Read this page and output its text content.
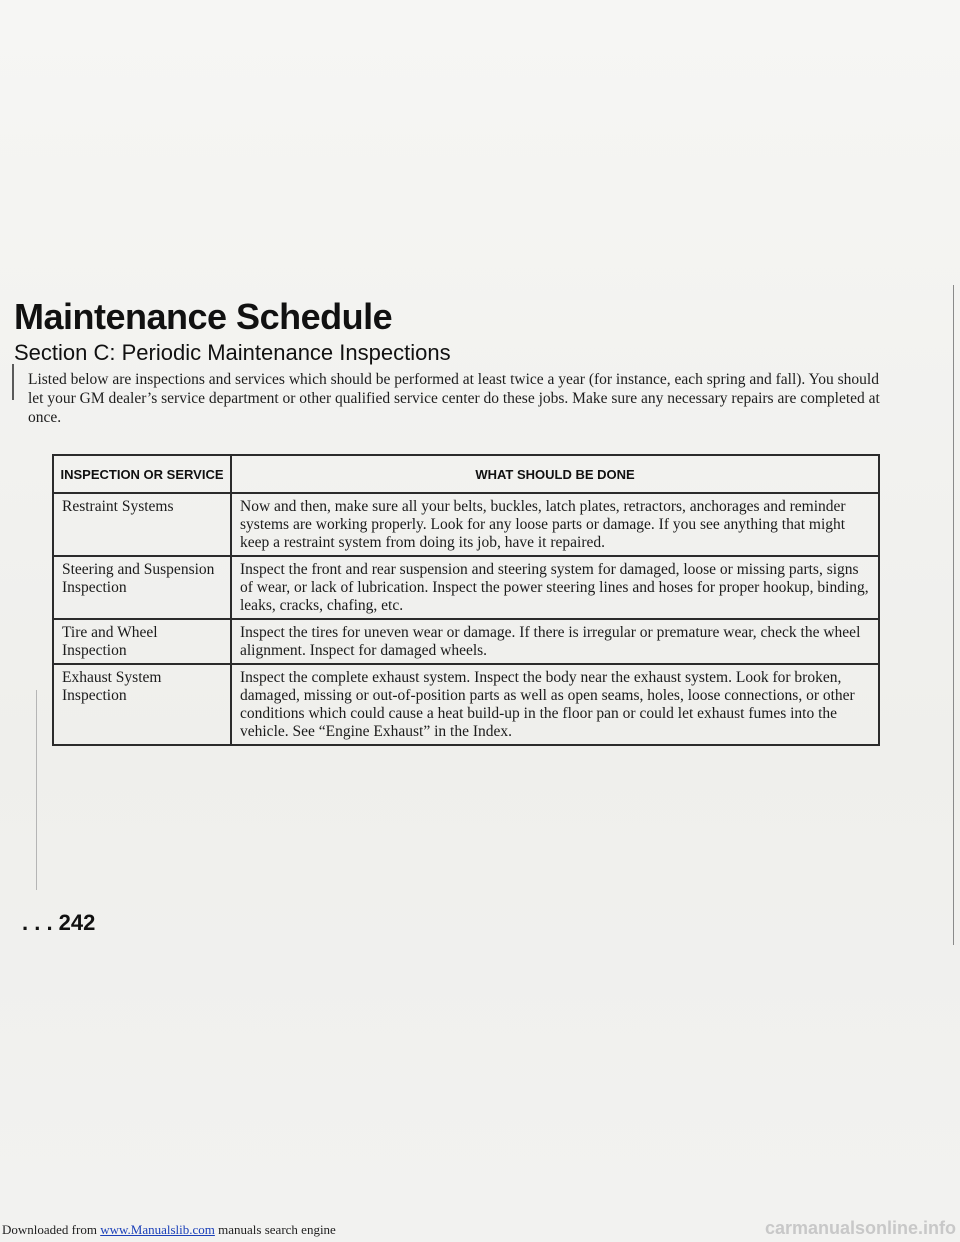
Maintenance Schedule
Section C: Periodic Maintenance Inspections
Listed below are inspections and services which should be performed at least twice a year (for instance, each spring and fall). You should let your GM dealer’s service department or other qualified service center do these jobs. Make sure any necessary repairs are completed at once.
INSPECTION OR SERVICE	WHAT SHOULD BE DONE
Restraint Systems	Now and then, make sure all your belts, buckles, latch plates, retractors, anchorages and reminder systems are working properly. Look for any loose parts or damage. If you see anything that might keep a restraint system from doing its job, have it repaired.
Steering and Suspension Inspection	Inspect the front and rear suspension and steering system for damaged, loose or missing parts, signs of wear, or lack of lubrication. Inspect the power steering lines and hoses for proper hookup, binding, leaks, cracks, chafing, etc.
Tire and Wheel Inspection	Inspect the tires for uneven wear or damage. If there is irregular or premature wear, check the wheel alignment. Inspect for damaged wheels.
Exhaust System Inspection	Inspect the complete exhaust system. Inspect the body near the exhaust system. Look for broken, damaged, missing or out-of-position parts as well as open seams, holes, loose connections, or other conditions which could cause a heat build-up in the floor pan or could let exhaust fumes into the vehicle. See “Engine Exhaust” in the Index.
. . . 242
Downloaded from www.Manualslib.com manuals search engine	carmanualsonline.info
